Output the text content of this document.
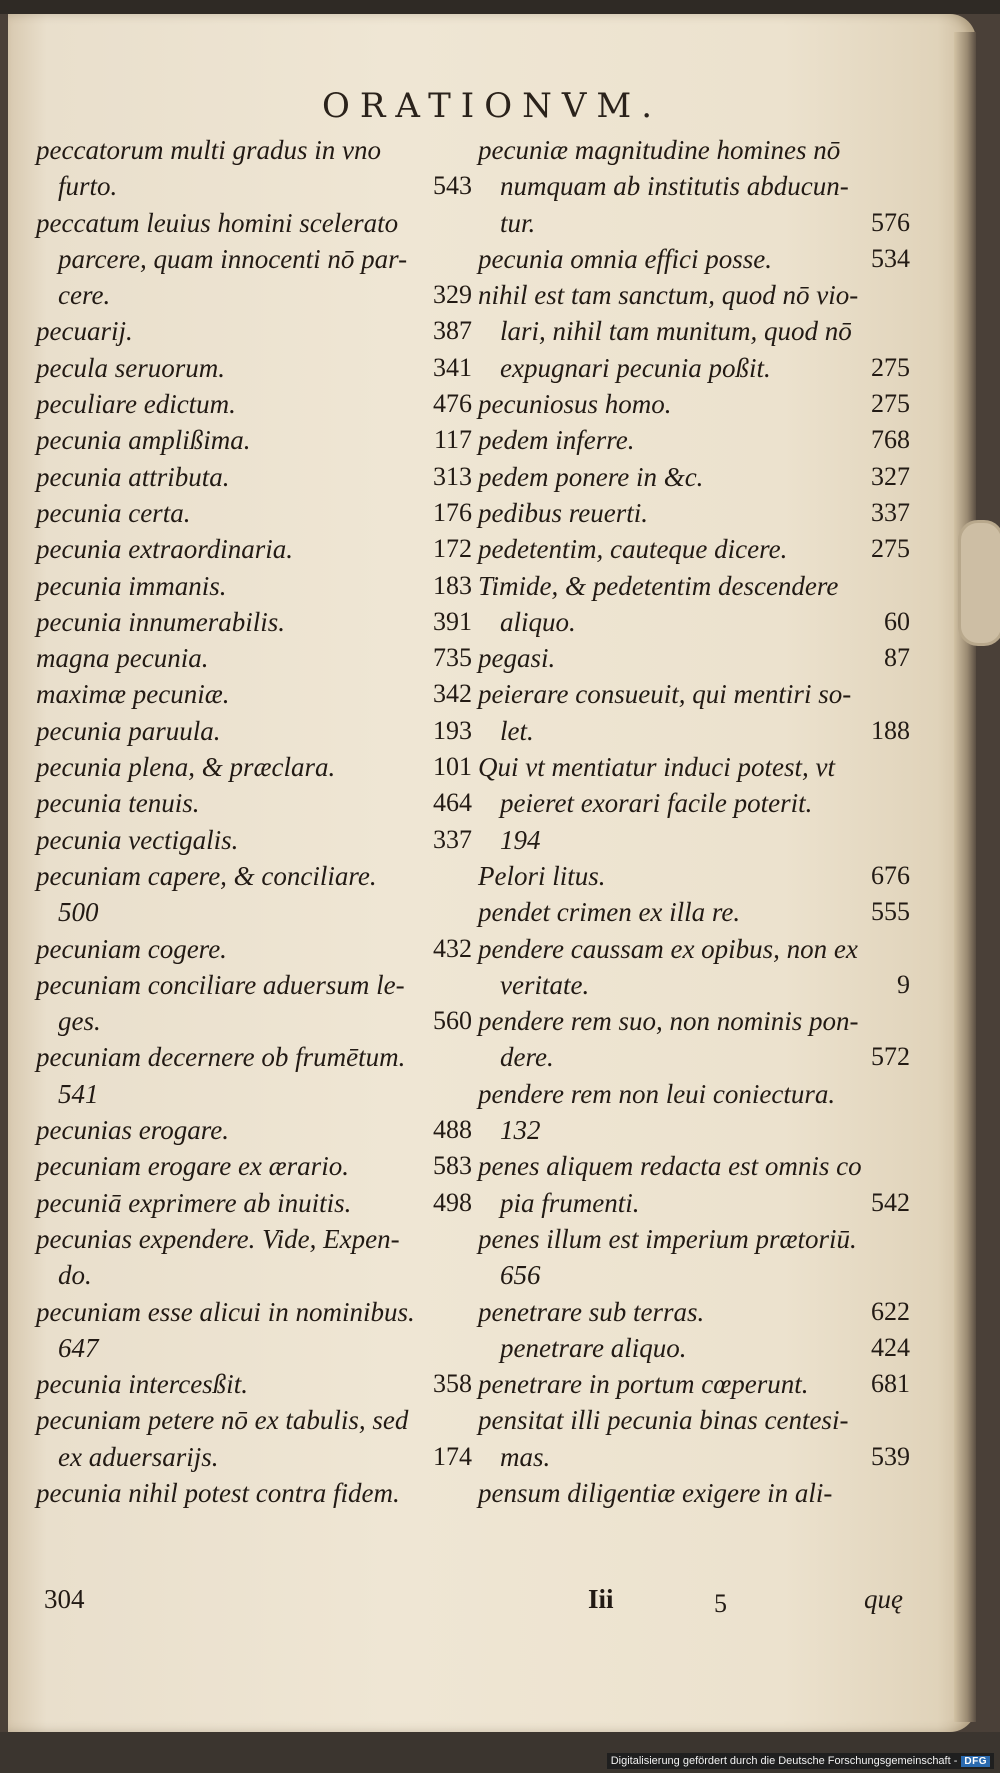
ORATIONVM.
peccatorum multi gradus in vno
furto.	543
peccatum leuius homini scelerato
parcere, quam innocenti nō par-
cere.	329
pecuarij.	387
pecula seruorum.	341
peculiare edictum.	476
pecunia amplißima.	117
pecunia attributa.	313
pecunia certa.	176
pecunia extraordinaria.	172
pecunia immanis.	183
pecunia innumerabilis.	391
magna pecunia.	735
maximæ pecuniæ.	342
pecunia paruula.	193
pecunia plena, & præclara.	101
pecunia tenuis.	464
pecunia vectigalis.	337
pecuniam capere, & conciliare.
500
pecuniam cogere.	432
pecuniam conciliare aduersum le-
ges.	560
pecuniam decernere ob frumētum.
541
pecunias erogare.	488
pecuniam erogare ex ærario.	583
pecuniā exprimere ab inuitis.	498
pecunias expendere. Vide, Expen-
do.
pecuniam esse alicui in nominibus.
647
pecunia intercesßit.	358
pecuniam petere nō ex tabulis, sed
ex aduersarijs.	174
pecunia nihil potest contra fidem.
pecuniæ magnitudine homines nō
numquam ab institutis abducun-
tur.	576
pecunia omnia effici posse.	534
nihil est tam sanctum, quod nō vio-
lari, nihil tam munitum, quod nō
expugnari pecunia poßit.	275
pecuniosus homo.	275
pedem inferre.	768
pedem ponere in &c.	327
pedibus reuerti.	337
pedetentim, cauteque dicere.	275
Timide, & pedetentim descendere
aliquo.	60
pegasi.	87
peierare consueuit, qui mentiri so-
let.	188
Qui vt mentiatur induci potest, vt
peieret exorari facile poterit.
194
Pelori litus.	676
pendet crimen ex illa re.	555
pendere caussam ex opibus, non ex
veritate.	9
pendere rem suo, non nominis pon-
dere.	572
pendere rem non leui coniectura.
132
penes aliquem redacta est omnis co
pia frumenti.	542
penes illum est imperium prætoriū.
656
penetrare sub terras.	622
penetrare aliquo.	424
penetrare in portum cœperunt. 681
pensitat illi pecunia binas centesi-
mas.	539
pensum diligentiæ exigere in ali-
304	Iii	5	quę
Digitalisierung gefördert durch die Deutsche Forschungsgemeinschaft - DFG
